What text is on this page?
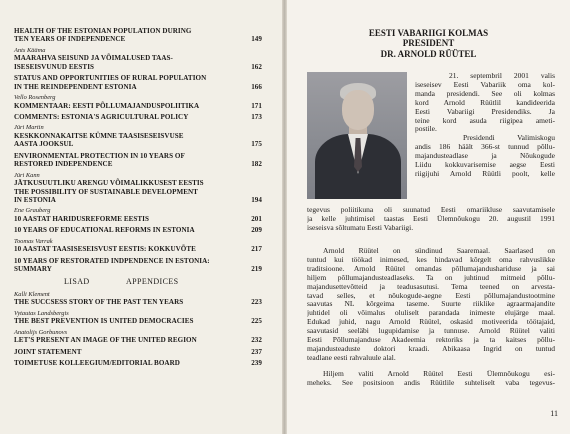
HEALTH OF THE ESTONIAN POPULATION DURING
TEN YEARS OF INDEPENDENCE	149
Ants Kääma
MAARAHVA SEISUND JA VÕIMALUSED TAAS-
ISESEISVUNUD EESTIS	162
STATUS AND OPPORTUNITIES OF RURAL POPULATION
IN THE REINDEPENDENT ESTONIA	166
Vello Rosenberg
KOMMENTAAR: EESTI PÕLLUMAJANDUSPOLIITIKA	171
COMMENTS: ESTONIA'S AGRICULTURAL POLICY	173
Jüri Martin
KESKKONNAKAITSE KÜMNE TAASISESEISVUSE
AASTA JOOKSUL	175
ENVIRONMENTAL PROTECTION IN 10 YEARS OF
RESTORED INDEPENDENCE	182
Jüri Kann
JÄTKUSUUTLIKU ARENGU VÕIMALIKKUSEST EESTIS
THE POSSIBILITY OF SUSTAINABLE DEVELOPMENT
IN ESTONIA	194
Ene Grauberg
10 AASTAT HARIDUSREFORME EESTIS	201
10 YEARS OF EDUCATIONAL REFORMS IN ESTONIA	209
Toomas Varrak
10 AASTAT TAASISESEISVUST EESTIS: KOKKUVÕTE	217
10 YEARS OF RESTORATED INDPENDENCE IN ESTONIA:
SUMMARY	219
LISAD	APPENDICES
Kalli Klement
THE SUCCSESS STORY OF THE PAST TEN YEARS	223
Vytautas Landsbergis
THE BEST PREVENTION IS UNITED DEMOCRACIES	225
Anatolijs Gorbunovs
LET'S PRESENT AN IMAGE OF THE UNITED REGION	232
JOINT STATEMENT	237
TOIMETUSE KOLLEEGIUM/EDITORIAL BOARD	239
EESTI VABARIIGI KOLMAS
PRESIDENT
DR. ARNOLD RÜÜTEL
21. septembril 2001 valis
iseseisev Eesti Vabariik oma kol-
manda presidendi. See oli kolmas
kord Arnold Rüütlil kandideerida
Eesti Vabariigi Presidendiks. Ja
teine kord asuda riigipea ameti-
postile.
Presidendi Valimiskogu
andis 186 häält 366-st tunnud põllu-
majandusteadlase ja Nõukogude
Liidu kokkuvarisemise aegse Eesti
riigijuhi Arnold Rüütli poolt, kelle
tegevus poliitikuna oli suunatud Eesti omariikluse saavutamisele
ja kelle juhtimisel taastas Eesti Ülemnõukogu 20. augustil 1991
iseseisva sõltumatu Eesti Vabariigi.
Arnold Rüütel on sündinud Saaremaal. Saarlased on
tuntud kui töökad inimesed, kes hindavad kõrgelt oma rahvuslikke
traditsioone. Arnold Rüütel omandas põllumajandushariduse ja sai
hiljem põllumajandusteadlaseks. Ta on juhtinud mitmeid põllu-
majandusettevõtteid ja teadusasutusi. Tema teened on arvesta-
tavad selles, et nõukogude-aegne Eesti põllumajandustootmine
saavutas NL kõrgeima taseme. Suurte riiklike agraarmajandite
juhtidel oli võimalus oluliselt parandada inimeste elujärge maal.
Edukad juhid, nagu Arnold Rüütel, oskasid motiveerida töötajaid,
saavutasid seeläbi lugupidamise ja tunnuse. Arnold Rüütel valiti
Eesti Põllumajanduse Akadeemia rektoriks ja ta kaitses põllu-
majandusteaduste doktori kraadi. Abikaasa Ingrid on tuntud
teadlane eesti rahvaluule alal.
Hiljem valiti Arnold Rüütel Eesti Ülemnõukogu esi-
meheks. See positsioon andis Rüütlile suhteliselt vaba tegevus-
11
